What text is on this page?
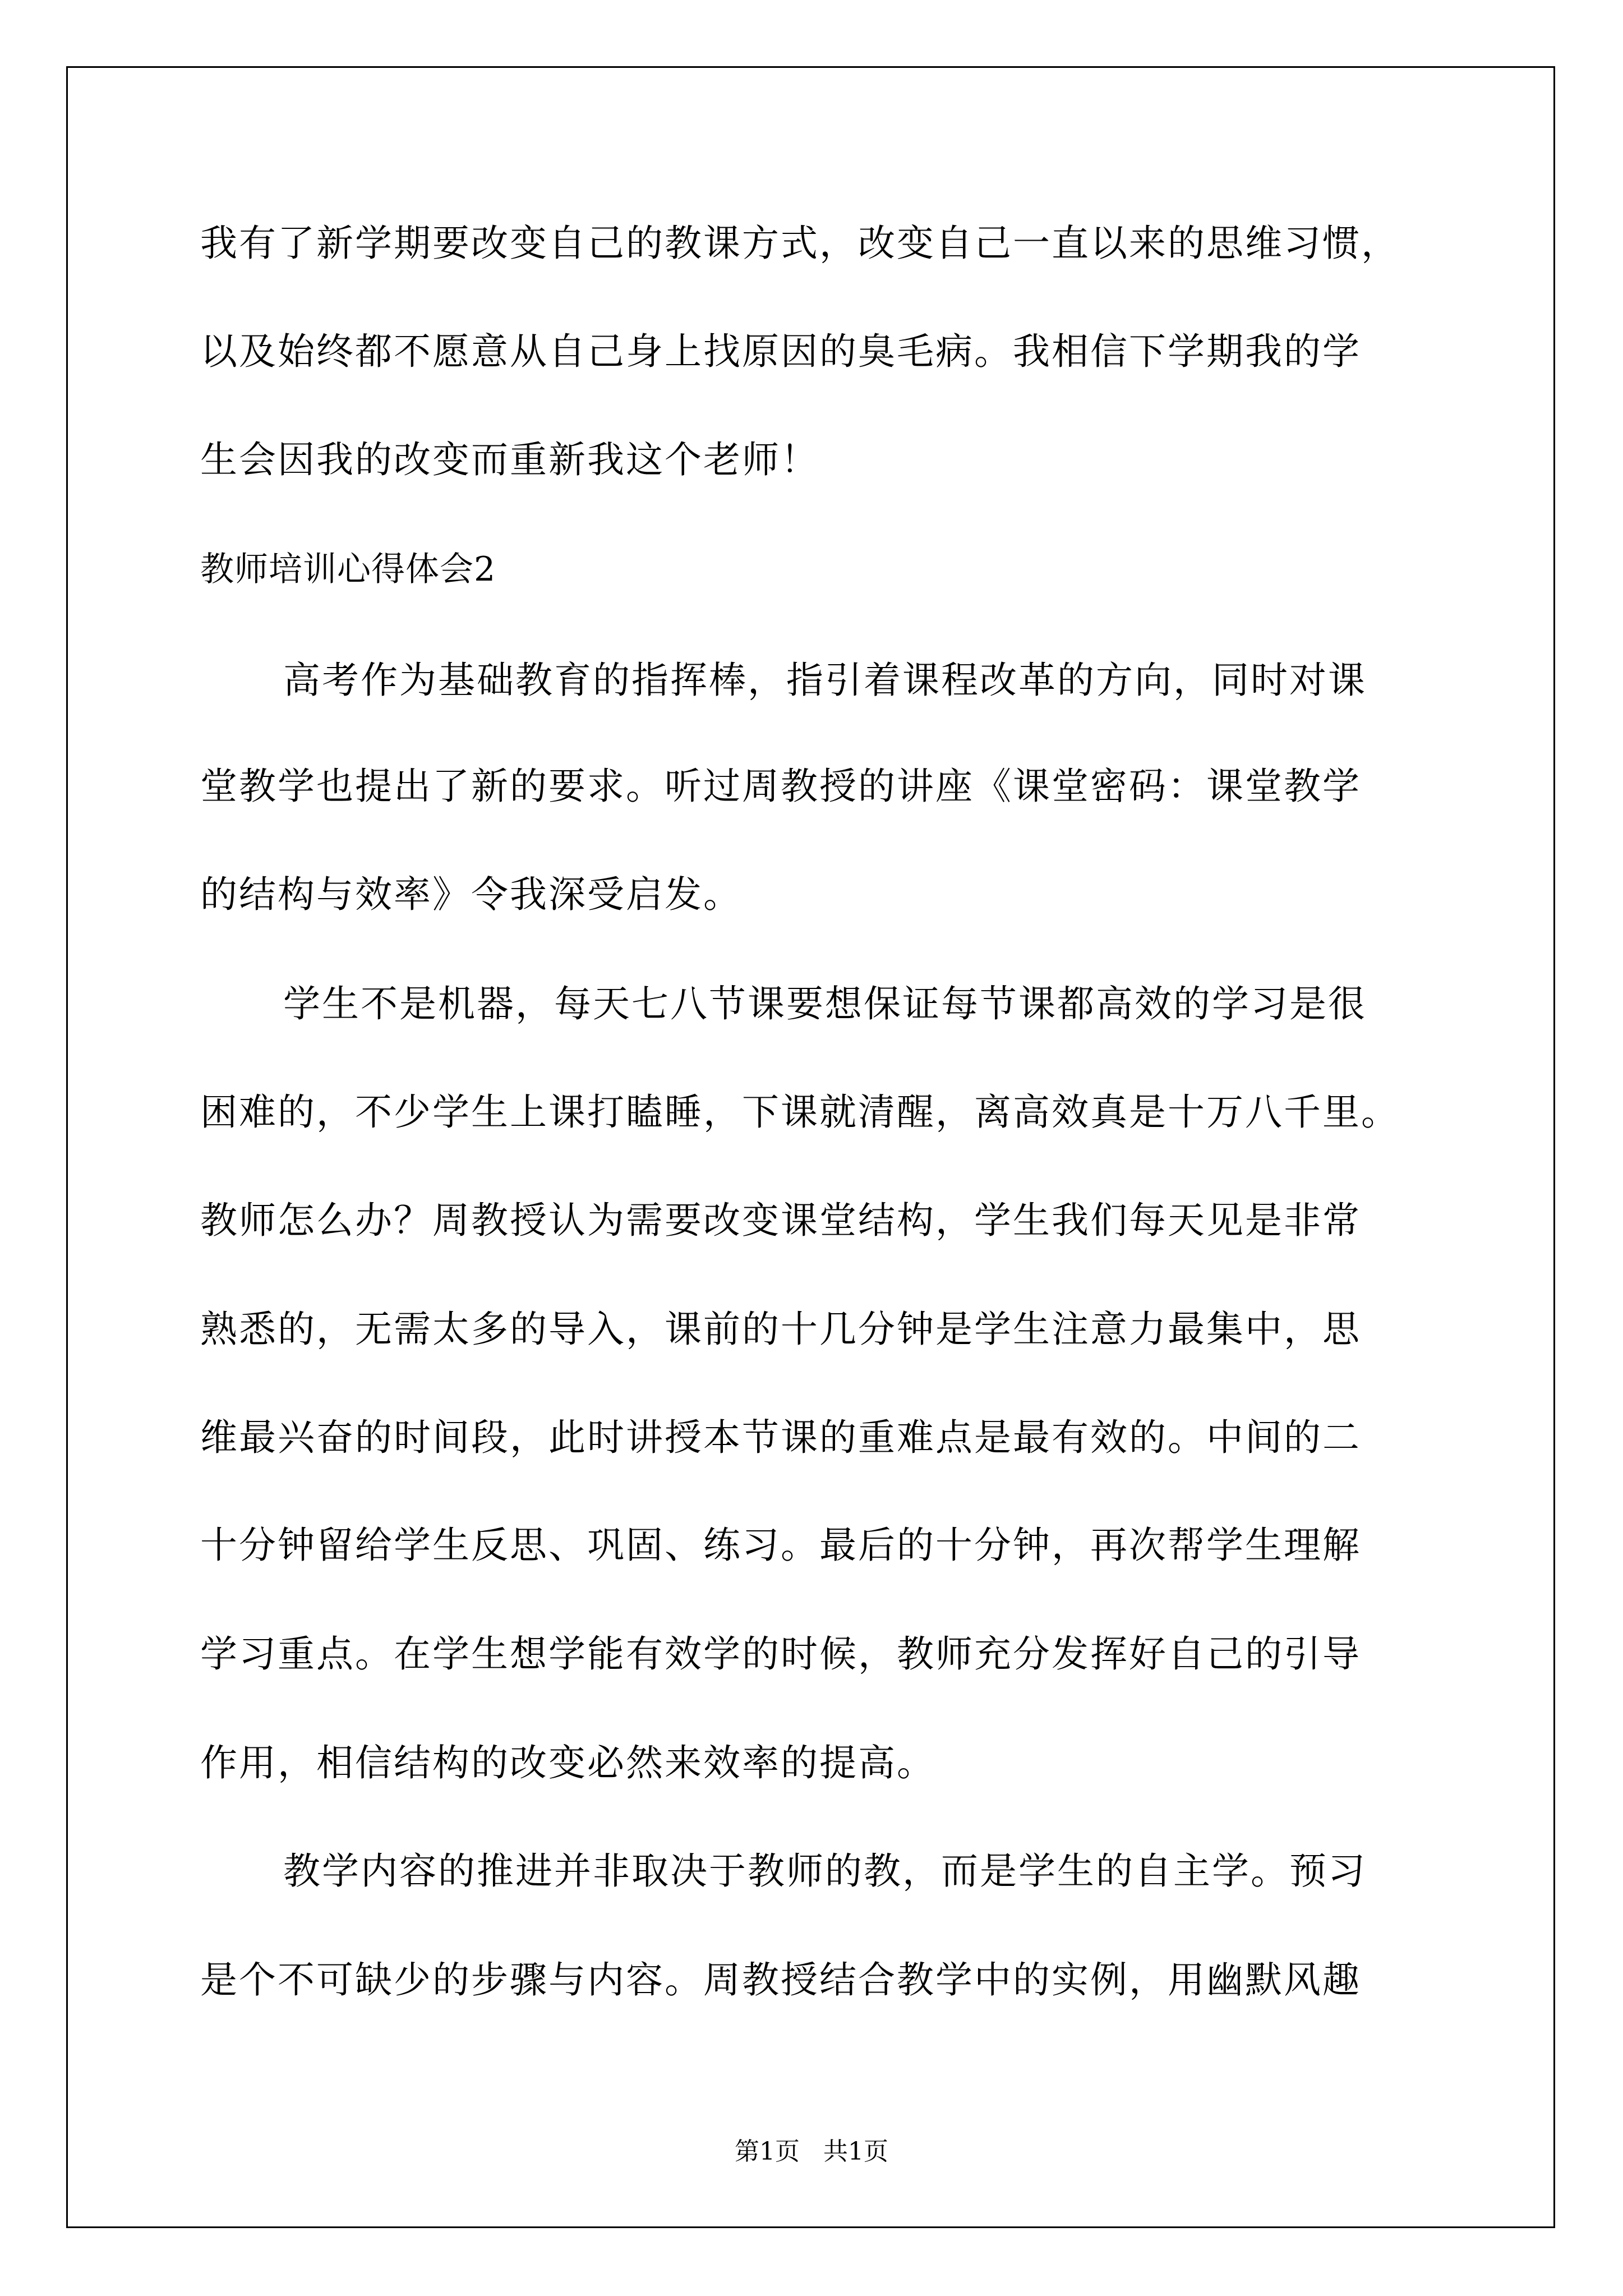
我有了新学期要改变自己的教课方式，改变自己一直以来的思维习惯，
以及始终都不愿意从自己身上找原因的臭毛病。我相信下学期我的学
生会因我的改变而重新我这个老师！
教师培训心得体会2
高考作为基础教育的指挥棒，指引着课程改革的方向，同时对课
堂教学也提出了新的要求。听过周教授的讲座《课堂密码：课堂教学
的结构与效率》令我深受启发。
学生不是机器，每天七八节课要想保证每节课都高效的学习是很
困难的，不少学生上课打瞌睡，下课就清醒，离高效真是十万八千里。
教师怎么办？周教授认为需要改变课堂结构，学生我们每天见是非常
熟悉的，无需太多的导入，课前的十几分钟是学生注意力最集中，思
维最兴奋的时间段，此时讲授本节课的重难点是最有效的。中间的二
十分钟留给学生反思、巩固、练习。最后的十分钟，再次帮学生理解
学习重点。在学生想学能有效学的时候，教师充分发挥好自己的引导
作用，相信结构的改变必然来效率的提高。
教学内容的推进并非取决于教师的教，而是学生的自主学。预习
是个不可缺少的步骤与内容。周教授结合教学中的实例，用幽默风趣
第1页   共1页
